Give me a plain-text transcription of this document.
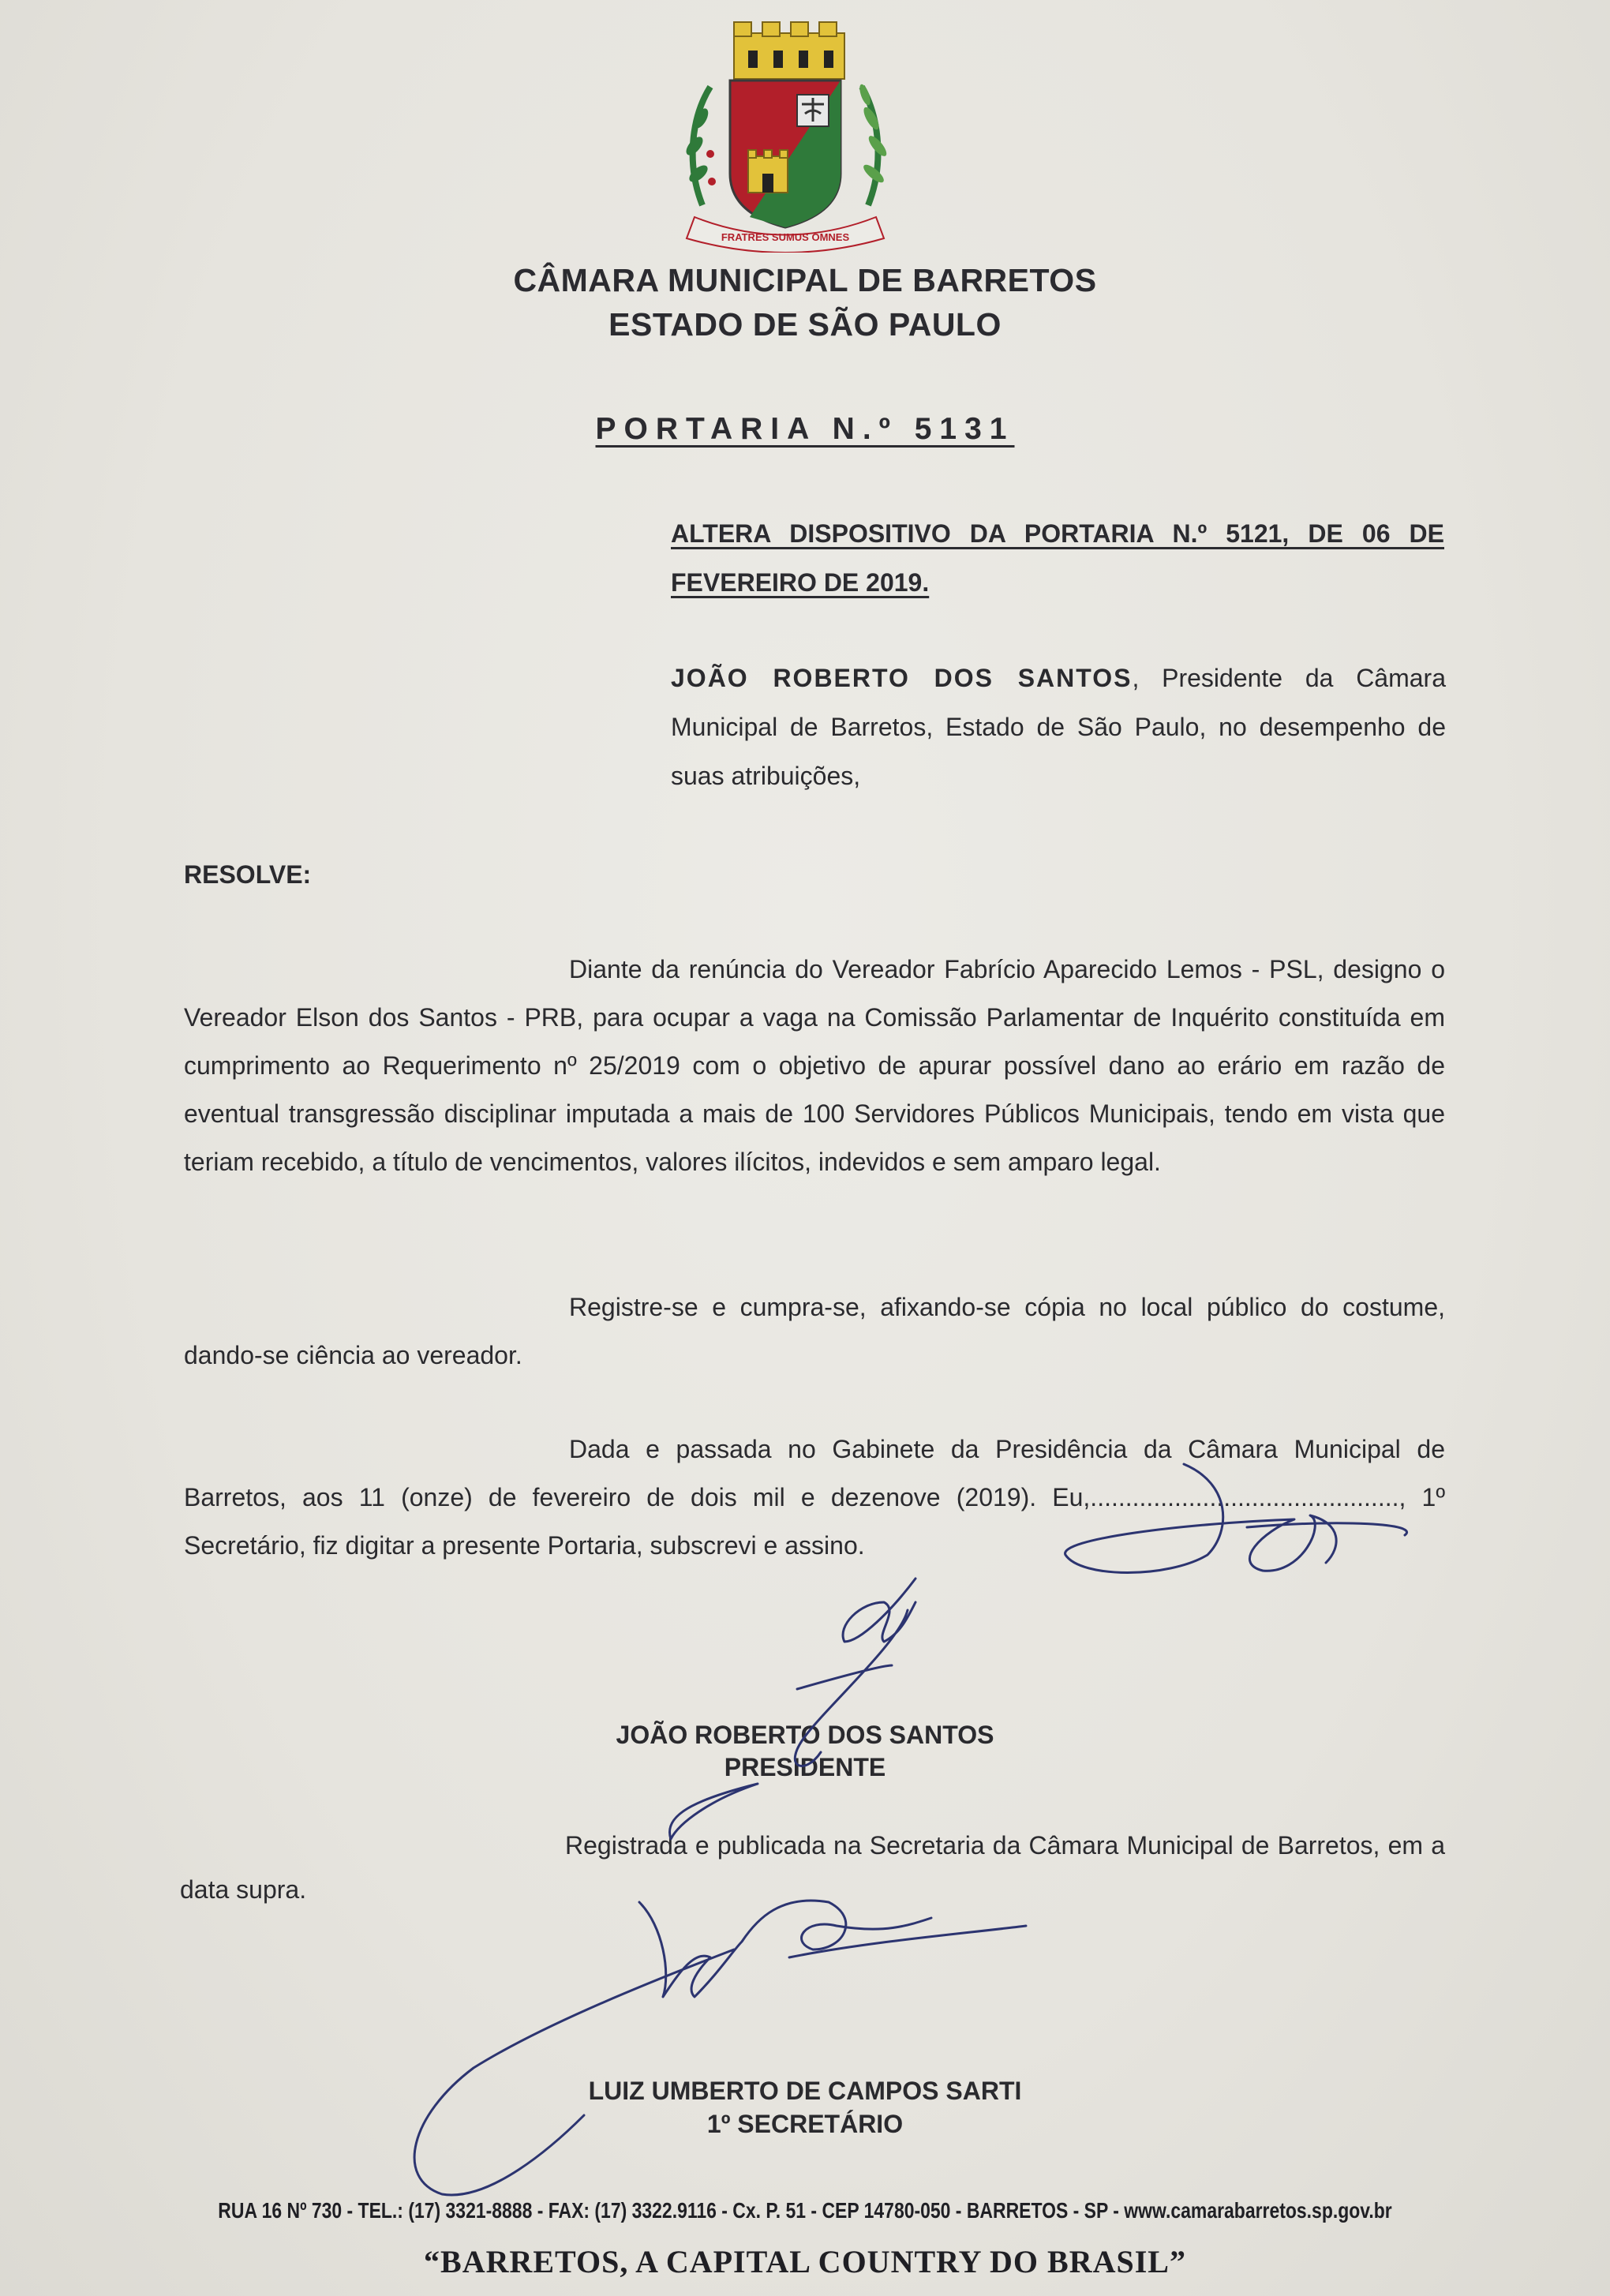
FRATRES SUMUS OMNES
CÂMARA MUNICIPAL DE BARRETOS
ESTADO DE SÃO PAULO
PORTARIA N.º 5131
ALTERA DISPOSITIVO DA PORTARIA N.º 5121, DE 06 DE FEVEREIRO DE 2019.
JOÃO ROBERTO DOS SANTOS, Presidente da Câmara Municipal de Barretos, Estado de São Paulo, no desempenho de suas atribuições,
RESOLVE:
Diante da renúncia do Vereador Fabrício Aparecido Lemos - PSL, designo o Vereador Elson dos Santos - PRB, para ocupar a vaga na Comissão Parlamentar de Inquérito constituída em cumprimento ao Requerimento nº 25/2019 com o objetivo de apurar possível dano ao erário em razão de eventual transgressão disciplinar imputada a mais de 100 Servidores Públicos Municipais, tendo em vista que teriam recebido, a título de vencimentos, valores ilícitos, indevidos e sem amparo legal.
Registre-se e cumpra-se, afixando-se cópia no local público do costume, dando-se ciência ao vereador.
Dada e passada no Gabinete da Presidência da Câmara Municipal de Barretos, aos 11 (onze) de fevereiro de dois mil e dezenove (2019). Eu,............................................, 1º Secretário, fiz digitar a presente Portaria, subscrevi e assino.
JOÃO ROBERTO DOS SANTOS
PRESIDENTE
Registrada e publicada na Secretaria da Câmara Municipal de Barretos, em a data supra.
LUIZ UMBERTO DE CAMPOS SARTI
1º SECRETÁRIO
RUA 16 Nº 730 - TEL.: (17) 3321-8888 - FAX: (17) 3322.9116 - Cx. P. 51 - CEP 14780-050 - BARRETOS - SP - www.camarabarretos.sp.gov.br
“BARRETOS, A CAPITAL COUNTRY DO BRASIL”
